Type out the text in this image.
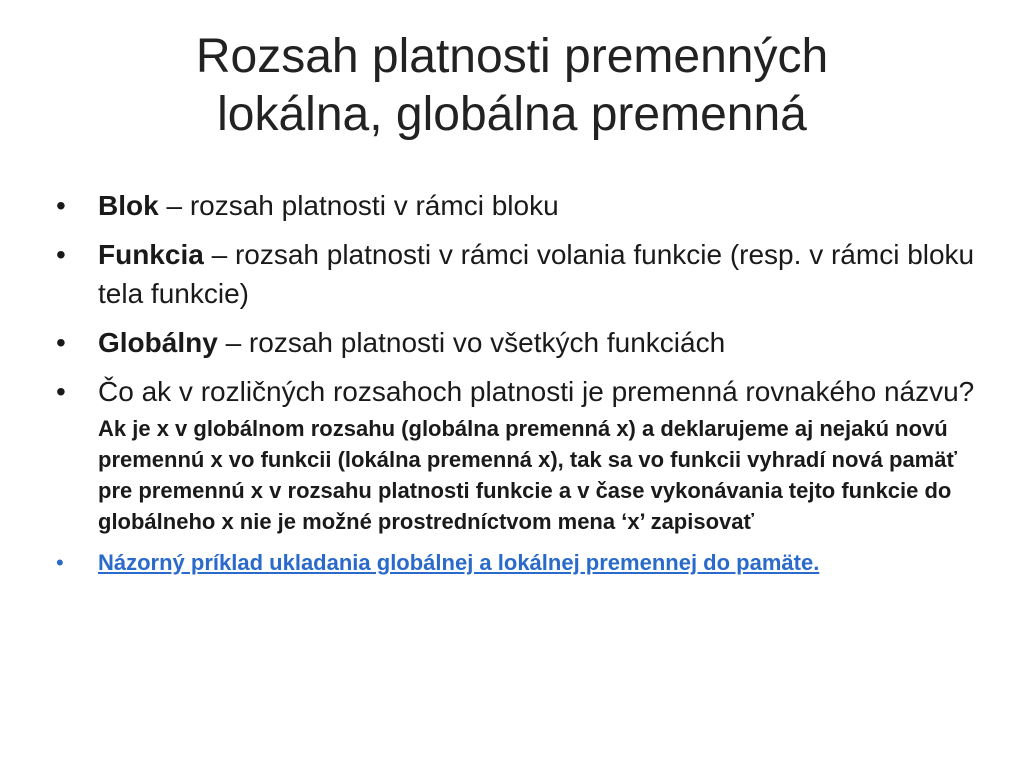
Rozsah platnosti premenných
lokálna, globálna premenná
•	Blok – rozsah platnosti v rámci bloku
•	Funkcia – rozsah platnosti v rámci volania funkcie (resp. v rámci bloku tela funkcie)
•	Globálny – rozsah platnosti vo všetkých funkciách
•	Čo ak v rozličných rozsahoch platnosti je premenná rovnakého názvu?
Ak je x v globálnom rozsahu (globálna premenná x) a deklarujeme aj nejakú novú premennú x vo funkcii (lokálna premenná x), tak sa vo funkcii vyhradí nová pamäť pre premennú x v rozsahu platnosti funkcie a v čase vykonávania tejto funkcie do globálneho x nie je možné prostredníctvom mena ‘x’ zapisovať
•	Názorný príklad ukladania globálnej a lokálnej premennej do pamäte.
